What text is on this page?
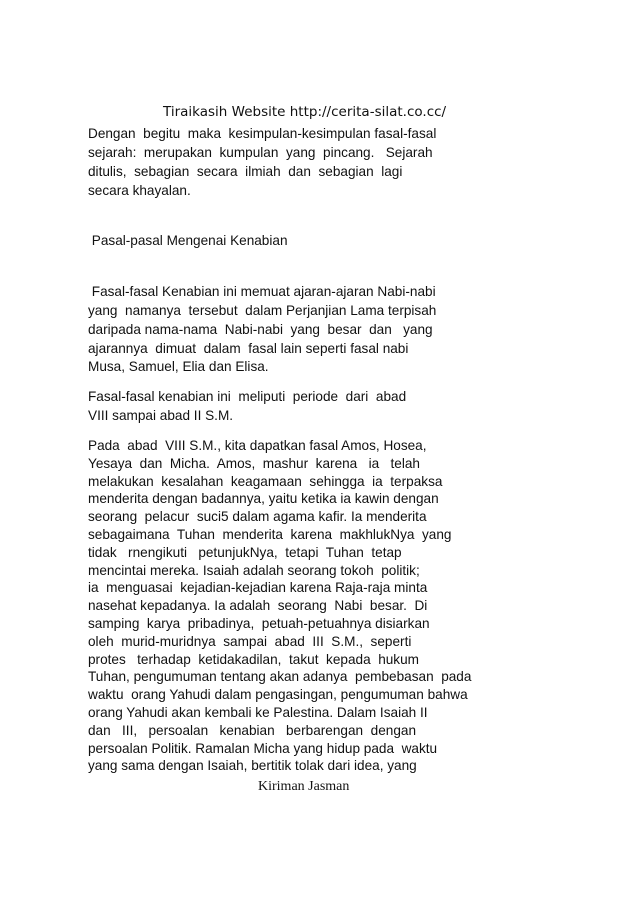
Tiraikasih Website http://cerita-silat.co.cc/
Dengan  begitu  maka  kesimpulan-kesimpulan fasal-fasal
sejarah:  merupakan  kumpulan  yang  pincang.   Sejarah
ditulis,  sebagian  secara  ilmiah  dan  sebagian  lagi
secara khayalan.
Pasal-pasal Mengenai Kenabian
Fasal-fasal Kenabian ini memuat ajaran-ajaran Nabi-nabi
yang  namanya  tersebut  dalam Perjanjian Lama terpisah
daripada nama-nama  Nabi-nabi  yang  besar  dan   yang
ajarannya  dimuat  dalam  fasal lain seperti fasal nabi
Musa, Samuel, Elia dan Elisa.
Fasal-fasal kenabian ini  meliputi  periode  dari  abad
VIII sampai abad II S.M.
Pada  abad  VIII S.M., kita dapatkan fasal Amos, Hosea,
Yesaya  dan  Micha.  Amos,  mashur  karena   ia   telah
melakukan  kesalahan  keagamaan  sehingga  ia  terpaksa
menderita dengan badannya, yaitu ketika ia kawin dengan
seorang  pelacur  suci5 dalam agama kafir. Ia menderita
sebagaimana  Tuhan  menderita  karena  makhlukNya  yang
tidak   rnengikuti   petunjukNya,  tetapi  Tuhan  tetap
mencintai mereka. Isaiah adalah seorang tokoh  politik;
ia  menguasai  kejadian-kejadian karena Raja-raja minta
nasehat kepadanya. Ia adalah  seorang  Nabi  besar.  Di
samping  karya  pribadinya,  petuah-petuahnya disiarkan
oleh  murid-muridnya  sampai  abad  III  S.M.,  seperti
protes   terhadap  ketidakadilan,  takut  kepada  hukum
Tuhan, pengumuman tentang akan adanya  pembebasan  pada
waktu  orang Yahudi dalam pengasingan, pengumuman bahwa
orang Yahudi akan kembali ke Palestina. Dalam Isaiah II
dan   III,   persoalan   kenabian   berbarengan  dengan
persoalan Politik. Ramalan Micha yang hidup pada  waktu
yang sama dengan Isaiah, bertitik tolak dari idea, yang
Kiriman Jasman
